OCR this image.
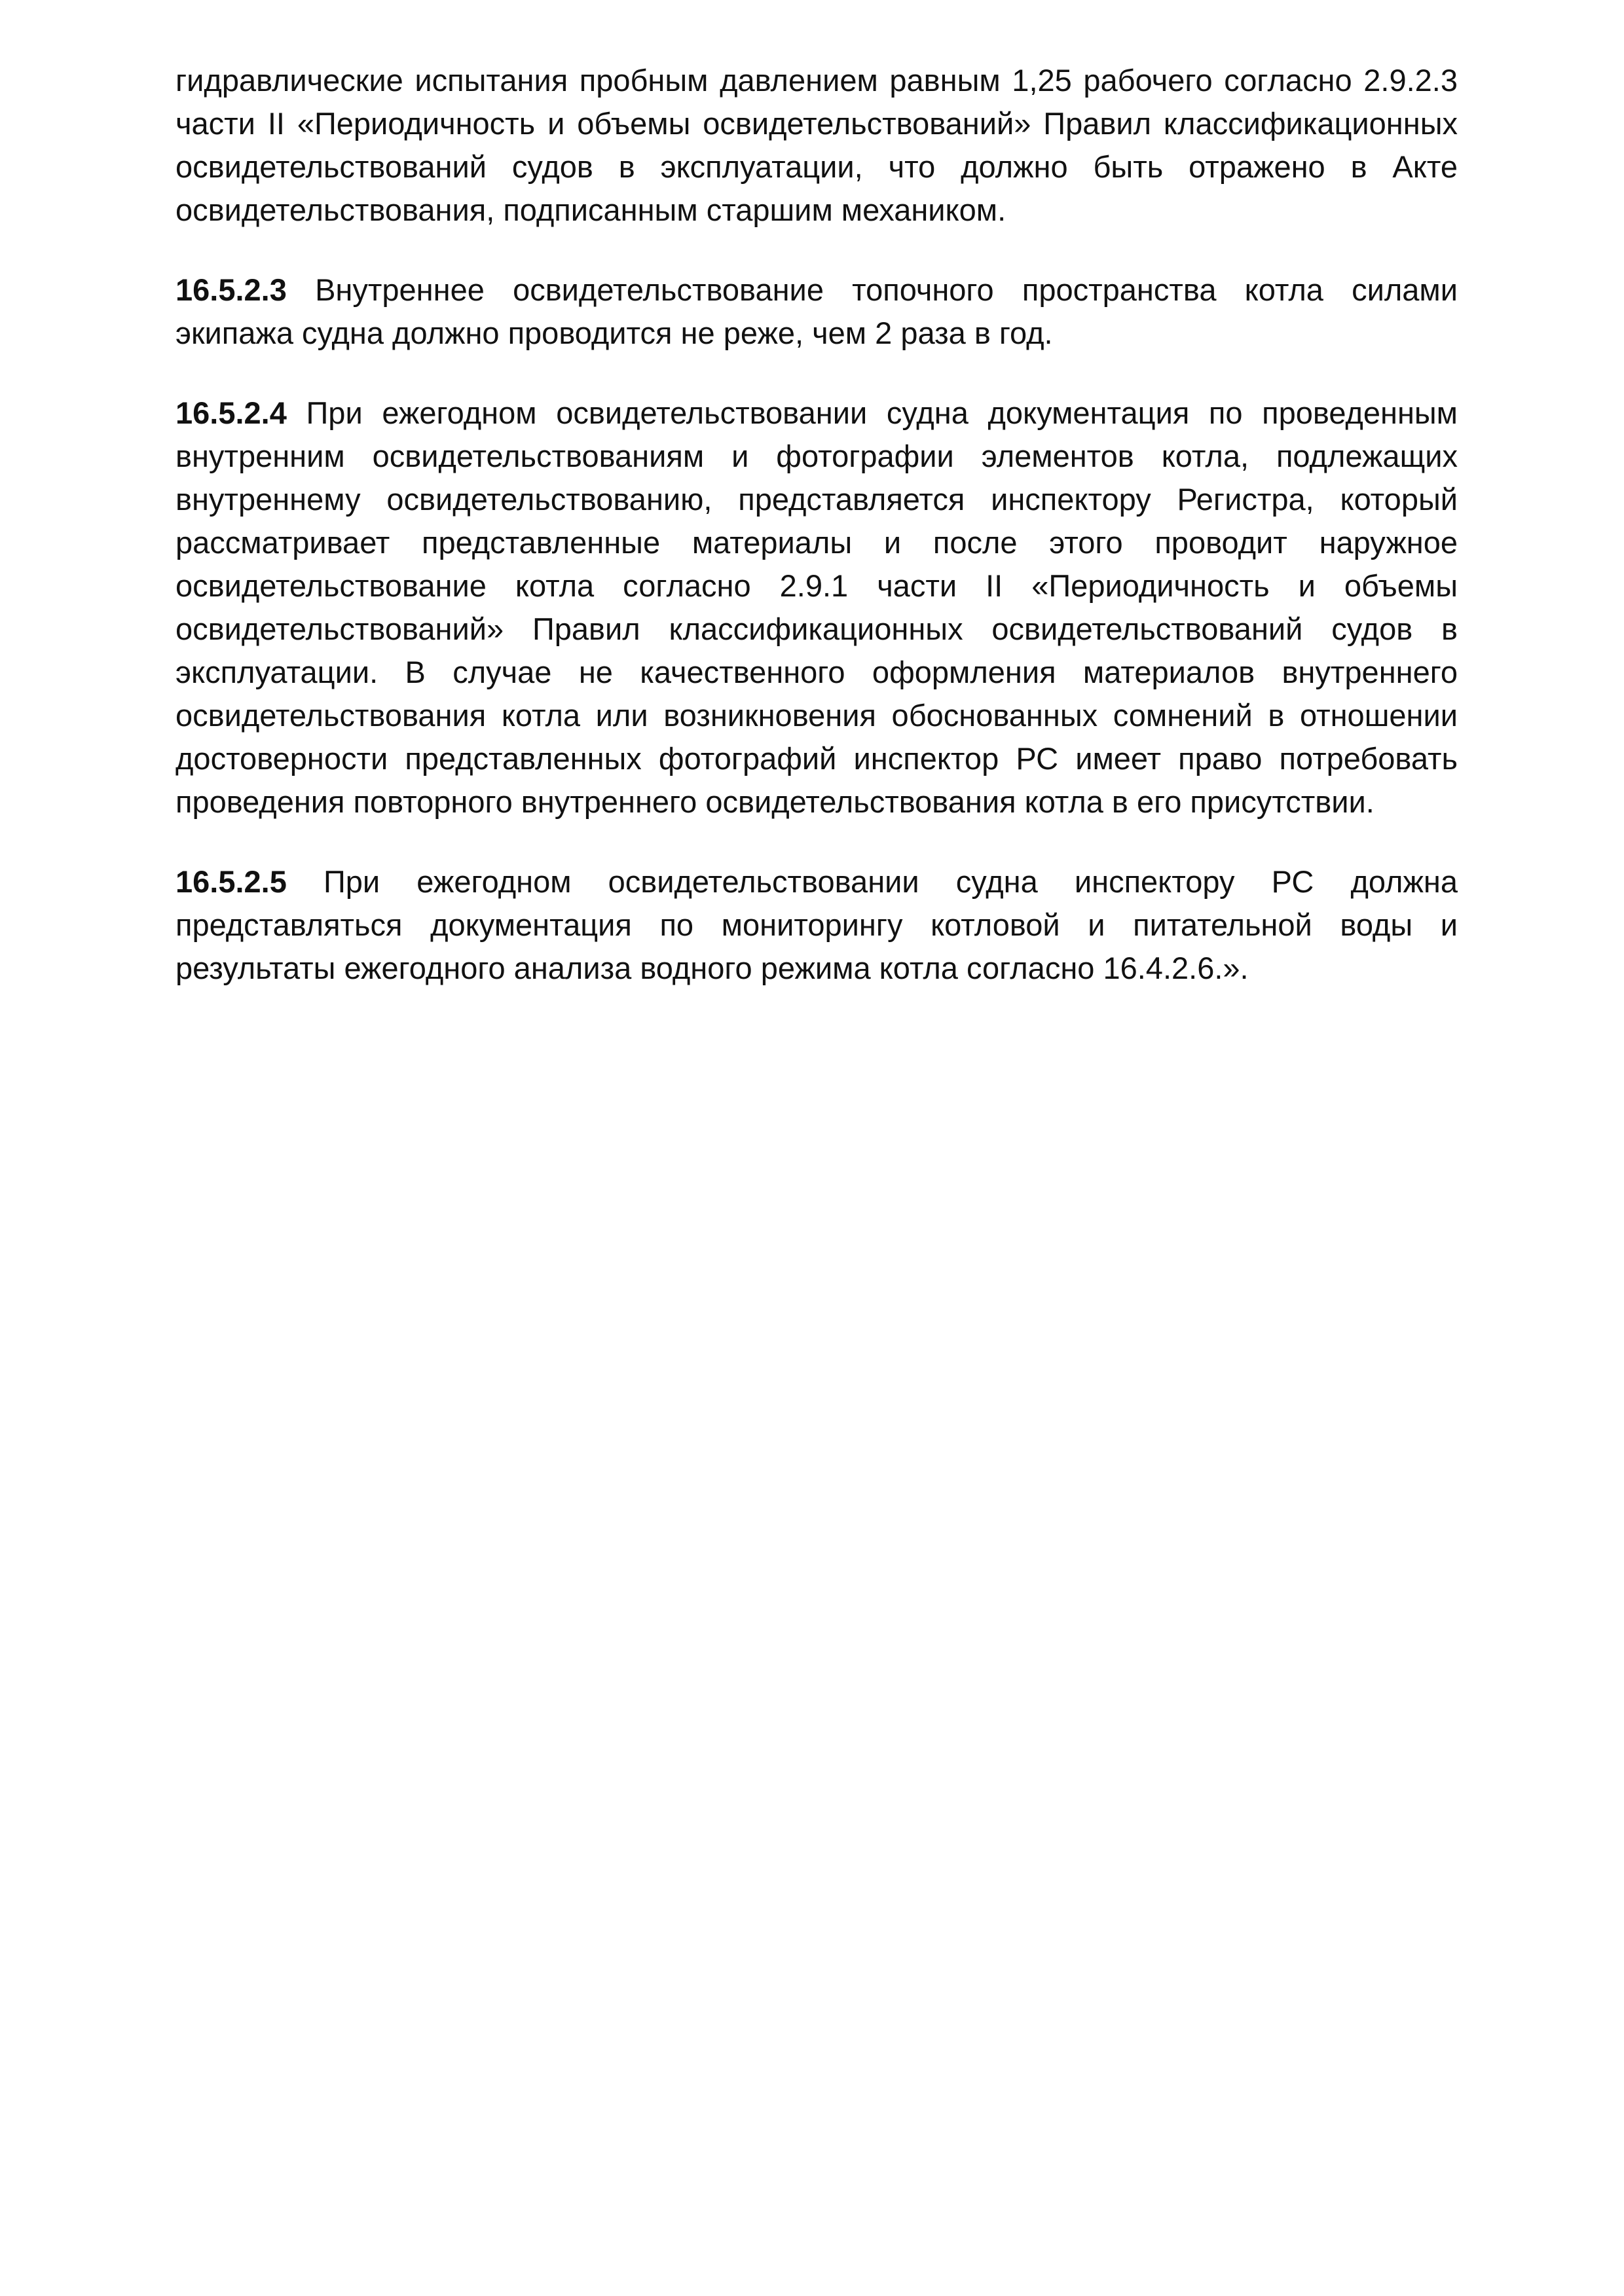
гидравлические испытания пробным давлением равным 1,25 рабочего согласно 2.9.2.3 части II «Периодичность и объемы освидетельствований» Правил классификационных освидетельствований судов в эксплуатации, что должно быть отражено в Акте освидетельствования, подписанным старшим механиком.

16.5.2.3 Внутреннее освидетельствование топочного пространства котла силами экипажа судна должно проводится не реже, чем 2 раза в год.

16.5.2.4 При ежегодном освидетельствовании судна документация по проведенным внутренним освидетельствованиям и фотографии элементов котла, подлежащих внутреннему освидетельствованию, представляется инспектору Регистра, который рассматривает представленные материалы и после этого проводит наружное освидетельствование котла согласно 2.9.1 части II «Периодичность и объемы освидетельствований» Правил классификационных освидетельствований судов в эксплуатации. В случае не качественного оформления материалов внутреннего освидетельствования котла или возникновения обоснованных сомнений в отношении достоверности представленных фотографий инспектор РС имеет право потребовать проведения повторного внутреннего освидетельствования котла в его присутствии.

16.5.2.5 При ежегодном освидетельствовании судна инспектору РС должна представляться документация по мониторингу котловой и питательной воды и результаты ежегодного анализа водного режима котла согласно 16.4.2.6.».
